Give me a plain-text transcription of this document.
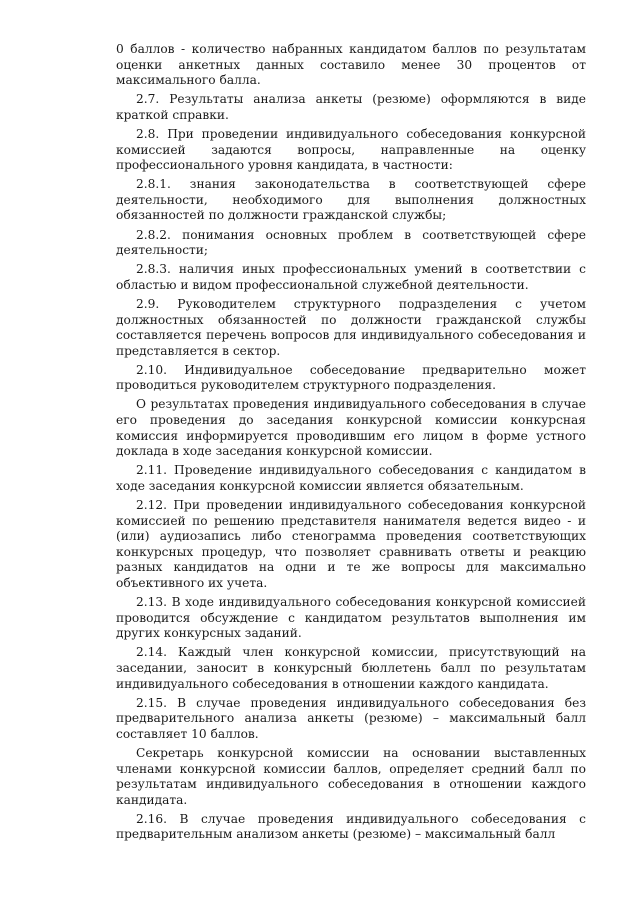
0 баллов - количество набранных кандидатом баллов по результатам оценки анкетных данных составило менее 30 процентов от максимального балла.

2.7. Результаты анализа анкеты (резюме) оформляются в виде краткой справки.

2.8. При проведении индивидуального собеседования конкурсной комиссией задаются вопросы, направленные на оценку профессионального уровня кандидата, в частности:

2.8.1. знания законодательства в соответствующей сфере деятельности, необходимого для выполнения должностных обязанностей по должности гражданской службы;

2.8.2. понимания основных проблем в соответствующей сфере деятельности;

2.8.3. наличия иных профессиональных умений в соответствии с областью и видом профессиональной служебной деятельности.

2.9. Руководителем структурного подразделения с учетом должностных обязанностей по должности гражданской службы составляется перечень вопросов для индивидуального собеседования и представляется в сектор.

2.10. Индивидуальное собеседование предварительно может проводиться руководителем структурного подразделения.

О результатах проведения индивидуального собеседования в случае его проведения до заседания конкурсной комиссии конкурсная комиссия информируется проводившим его лицом в форме устного доклада в ходе заседания конкурсной комиссии.

2.11. Проведение индивидуального собеседования с кандидатом в ходе заседания конкурсной комиссии является обязательным.

2.12. При проведении индивидуального собеседования конкурсной комиссией по решению представителя нанимателя ведется видео - и (или) аудиозапись либо стенограмма проведения соответствующих конкурсных процедур, что позволяет сравнивать ответы и реакцию разных кандидатов на одни и те же вопросы для максимально объективного их учета.

2.13. В ходе индивидуального собеседования конкурсной комиссией проводится обсуждение с кандидатом результатов выполнения им других конкурсных заданий.

2.14. Каждый член конкурсной комиссии, присутствующий на заседании, заносит в конкурсный бюллетень балл по результатам индивидуального собеседования в отношении каждого кандидата.

2.15. В случае проведения индивидуального собеседования без предварительного анализа анкеты (резюме) – максимальный балл составляет 10 баллов.

Секретарь конкурсной комиссии на основании выставленных членами конкурсной комиссии баллов, определяет средний балл по результатам индивидуального собеседования в отношении каждого кандидата.

2.16. В случае проведения индивидуального собеседования с предварительным анализом анкеты (резюме) – максимальный балл
